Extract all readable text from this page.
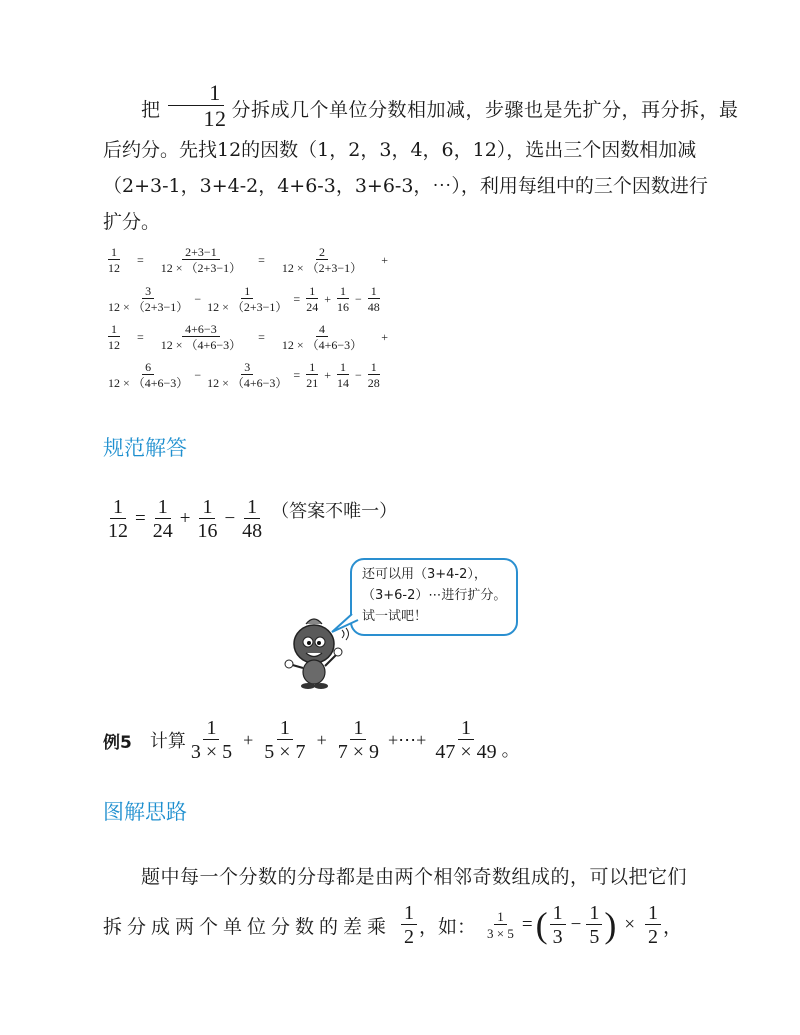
把 $\frac{1}{12}$ 分拆成几个单位分数相加减，步骤也是先扩分，再分拆，最
后约分。先找12的因数（1，2，3，4，6，12），选出三个因数相加减
（2+3-1，3+4-2，4+6-3，3+6-3，⋯），利用每组中的三个因数进行
扩分。
$\frac{1}{12} = \frac{2+3-1}{12 \times (2+3-1)} = \frac{2}{12 \times (2+3-1)}$ +
$\frac{3}{12 \times (2+3-1)} - \frac{1}{12 \times (2+3-1)} = \frac{1}{24} + \frac{1}{16} - \frac{1}{48}$
$\frac{1}{12} = \frac{4+6-3}{12 \times (4+6-3)} = \frac{4}{12 \times (4+6-3)}$ +
$\frac{6}{12 \times (4+6-3)} - \frac{3}{12 \times (4+6-3)} = \frac{1}{21} + \frac{1}{14} - \frac{1}{28}$
规范解答
$\frac{1}{12} = \frac{1}{24} + \frac{1}{16} - \frac{1}{48}$ （答案不唯一）
还可以用（3+4-2），
（3+6-2）⋯进行扩分。
试一试吧！
例5 计算 $\frac{1}{3 \times 5} + \frac{1}{5 \times 7} + \frac{1}{7 \times 9}$ +⋯+ $\frac{1}{47 \times 49}$ 。
图解思路
题中每一个分数的分母都是由两个相邻奇数组成的，可以把它们
拆分成两个单位分数的差乘 $\frac{1}{2}$ ，如： $\frac{1}{3 \times 5}$ = ( $\frac{1}{3} - \frac{1}{5}$ ) × $\frac{1}{2}$ ，
